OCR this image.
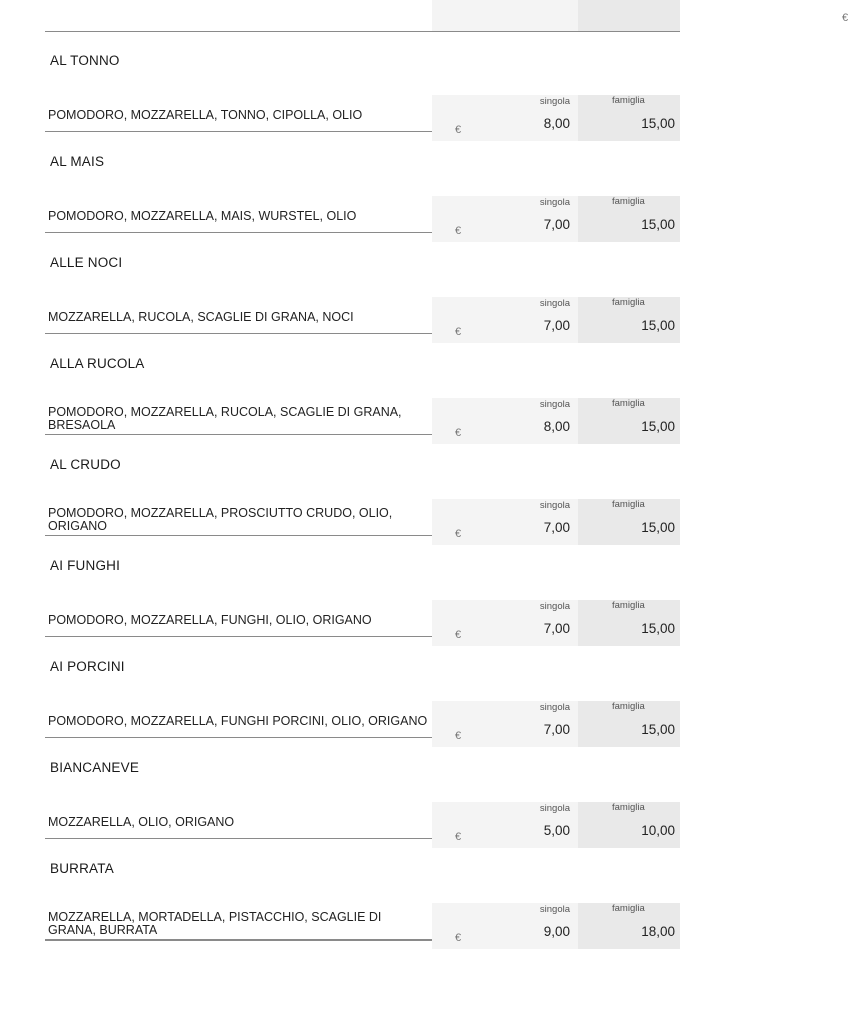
€
AL TONNO
POMODORO, MOZZARELLA, TONNO, CIPOLLA, OLIO
€
singola
8,00
famiglia
15,00
AL MAIS
POMODORO, MOZZARELLA, MAIS, WURSTEL, OLIO
€
singola
7,00
famiglia
15,00
ALLE NOCI
MOZZARELLA, RUCOLA, SCAGLIE DI GRANA, NOCI
€
singola
7,00
famiglia
15,00
ALLA RUCOLA
POMODORO, MOZZARELLA, RUCOLA, SCAGLIE DI GRANA, BRESAOLA
€
singola
8,00
famiglia
15,00
AL CRUDO
POMODORO, MOZZARELLA, PROSCIUTTO CRUDO, OLIO, ORIGANO
€
singola
7,00
famiglia
15,00
AI FUNGHI
POMODORO, MOZZARELLA, FUNGHI, OLIO, ORIGANO
€
singola
7,00
famiglia
15,00
AI PORCINI
POMODORO, MOZZARELLA, FUNGHI PORCINI, OLIO, ORIGANO
€
singola
7,00
famiglia
15,00
BIANCANEVE
MOZZARELLA, OLIO, ORIGANO
€
singola
5,00
famiglia
10,00
BURRATA
MOZZARELLA, MORTADELLA, PISTACCHIO, SCAGLIE DI GRANA, BURRATA
€
singola
9,00
famiglia
18,00
